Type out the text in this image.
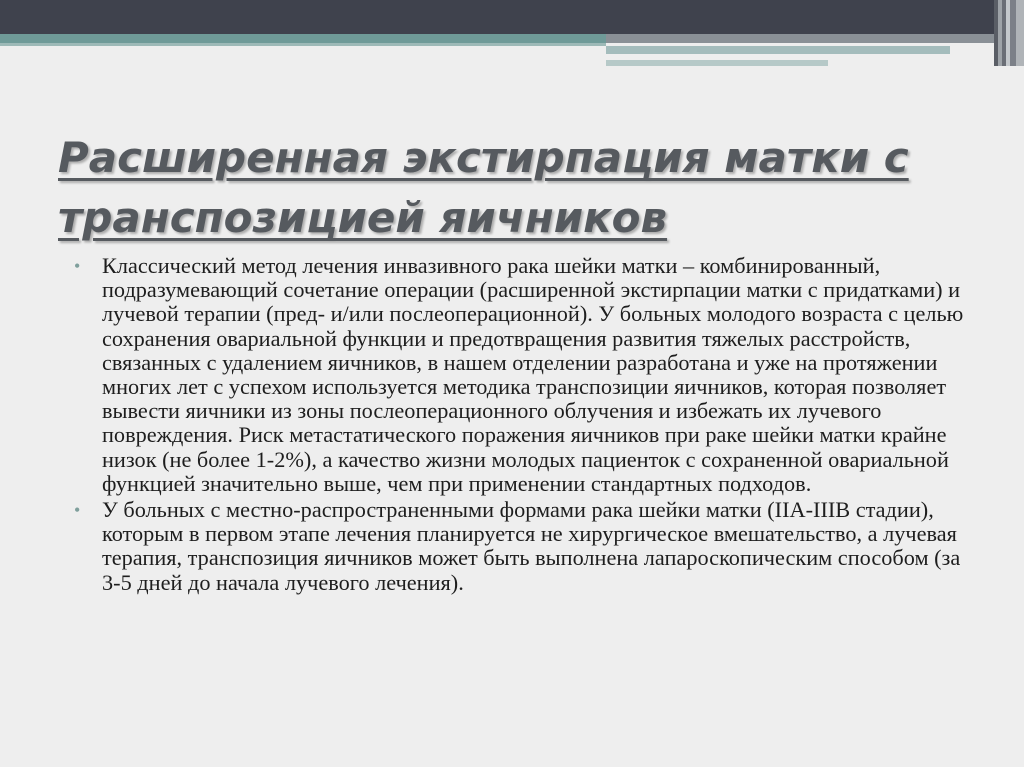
Расширенная экстирпация матки с транспозицией яичников
• Классический метод лечения инвазивного рака шейки матки – комбинированный, подразумевающий сочетание операции (расширенной экстирпации матки с придатками) и лучевой терапии (пред- и/или послеоперационной). У больных молодого возраста с целью сохранения овариальной функции и предотвращения развития тяжелых расстройств, связанных с удалением яичников, в нашем отделении разработана и уже на протяжении многих лет с успехом используется методика транспозиции яичников, которая позволяет вывести яичники из зоны послеоперационного облучения и избежать их лучевого повреждения. Риск метастатического поражения яичников при раке шейки матки крайне низок (не более 1-2%), а качество жизни молодых пациенток с сохраненной овариальной функцией значительно выше, чем при применении стандартных подходов.
• У больных с местно-распространенными формами рака шейки матки (IIA-IIIB стадии), которым в первом этапе лечения планируется не хирургическое вмешательство, а лучевая терапия, транспозиция яичников может быть выполнена лапароскопическим способом (за 3-5 дней до начала лучевого лечения).
